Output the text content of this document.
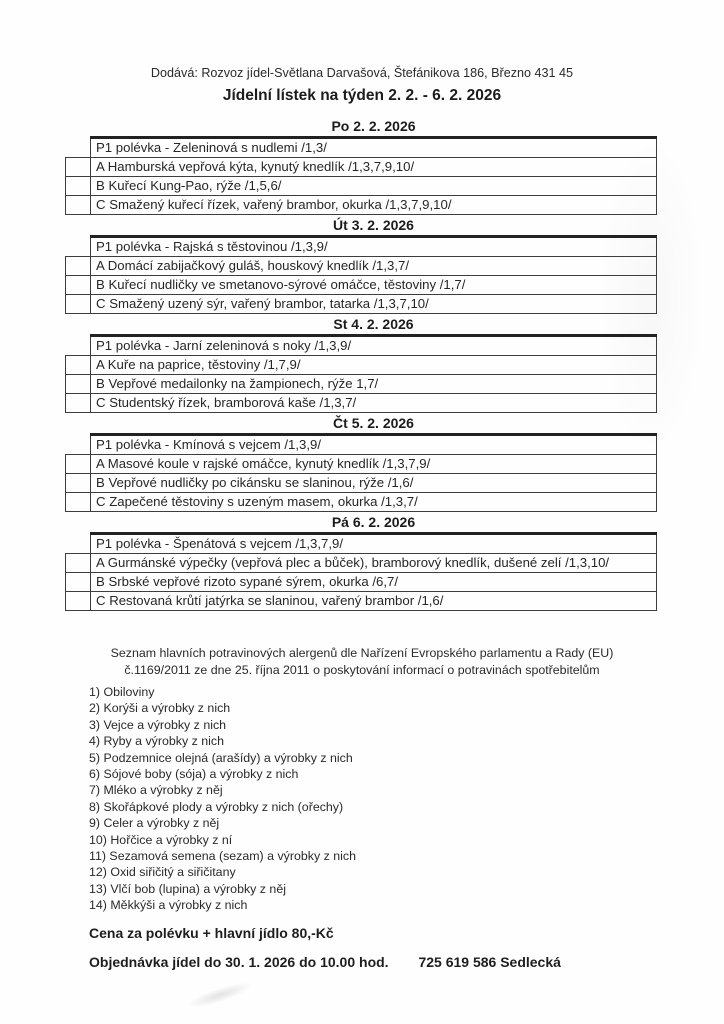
Dodává: Rozvoz jídel-Světlana Darvašová, Štefánikova 186, Březno 431 45
Jídelní lístek na týden 2. 2. - 6. 2. 2026
Po 2. 2. 2026
	P1 polévka - Zeleninová s nudlemi /1,3/
	A Hamburská vepřová kýta, kynutý knedlík /1,3,7,9,10/
	B Kuřecí Kung-Pao, rýže /1,5,6/
	C Smažený kuřecí řízek, vařený brambor, okurka /1,3,7,9,10/
Út 3. 2. 2026
	P1 polévka - Rajská s těstovinou /1,3,9/
	A Domácí zabijačkový guláš, houskový knedlík /1,3,7/
	B Kuřecí nudličky ve smetanovo-sýrové omáčce, těstoviny /1,7/
	C Smažený uzený sýr, vařený brambor, tatarka /1,3,7,10/
St 4. 2. 2026
	P1 polévka - Jarní zeleninová s noky /1,3,9/
	A Kuře na paprice, těstoviny /1,7,9/
	B Vepřové medailonky na žampionech, rýže 1,7/
	C Studentský řízek, bramborová kaše /1,3,7/
Čt 5. 2. 2026
	P1 polévka - Kmínová s vejcem /1,3,9/
	A Masové koule v rajské omáčce, kynutý knedlík /1,3,7,9/
	B Vepřové nudličky po cikánsku se slaninou, rýže /1,6/
	C Zapečené těstoviny s uzeným masem, okurka /1,3,7/
Pá 6. 2. 2026
	P1 polévka - Špenátová s vejcem /1,3,7,9/
	A Gurmánské výpečky (vepřová plec a bůček), bramborový knedlík, dušené zelí /1,3,10/
	B Srbské vepřové rizoto sypané sýrem, okurka /6,7/
	C Restovaná krůtí jatýrka se slaninou, vařený brambor /1,6/
Seznam hlavních potravinových alergenů dle Nařízení Evropského parlamentu a Rady (EU)
č.1169/2011 ze dne 25. října 2011 o poskytování informací o potravinách spotřebitelům
1) Obiloviny
2) Korýši a výrobky z nich
3) Vejce a výrobky z nich
4) Ryby a výrobky z nich
5) Podzemnice olejná (arašídy) a výrobky z nich
6) Sójové boby (sója) a výrobky z nich
7) Mléko a výrobky z něj
8) Skořápkové plody a výrobky z nich (ořechy)
9) Celer a výrobky z něj
10) Hořčice a výrobky z ní
11) Sezamová semena (sezam) a výrobky z nich
12) Oxid siřičitý a siřičitany
13) Vlčí bob (lupina) a výrobky z něj
14) Měkkýši a výrobky z nich
Cena za polévku + hlavní jídlo 80,-Kč
Objednávka jídel do 30. 1. 2026 do 10.00 hod. 725 619 586 Sedlecká
